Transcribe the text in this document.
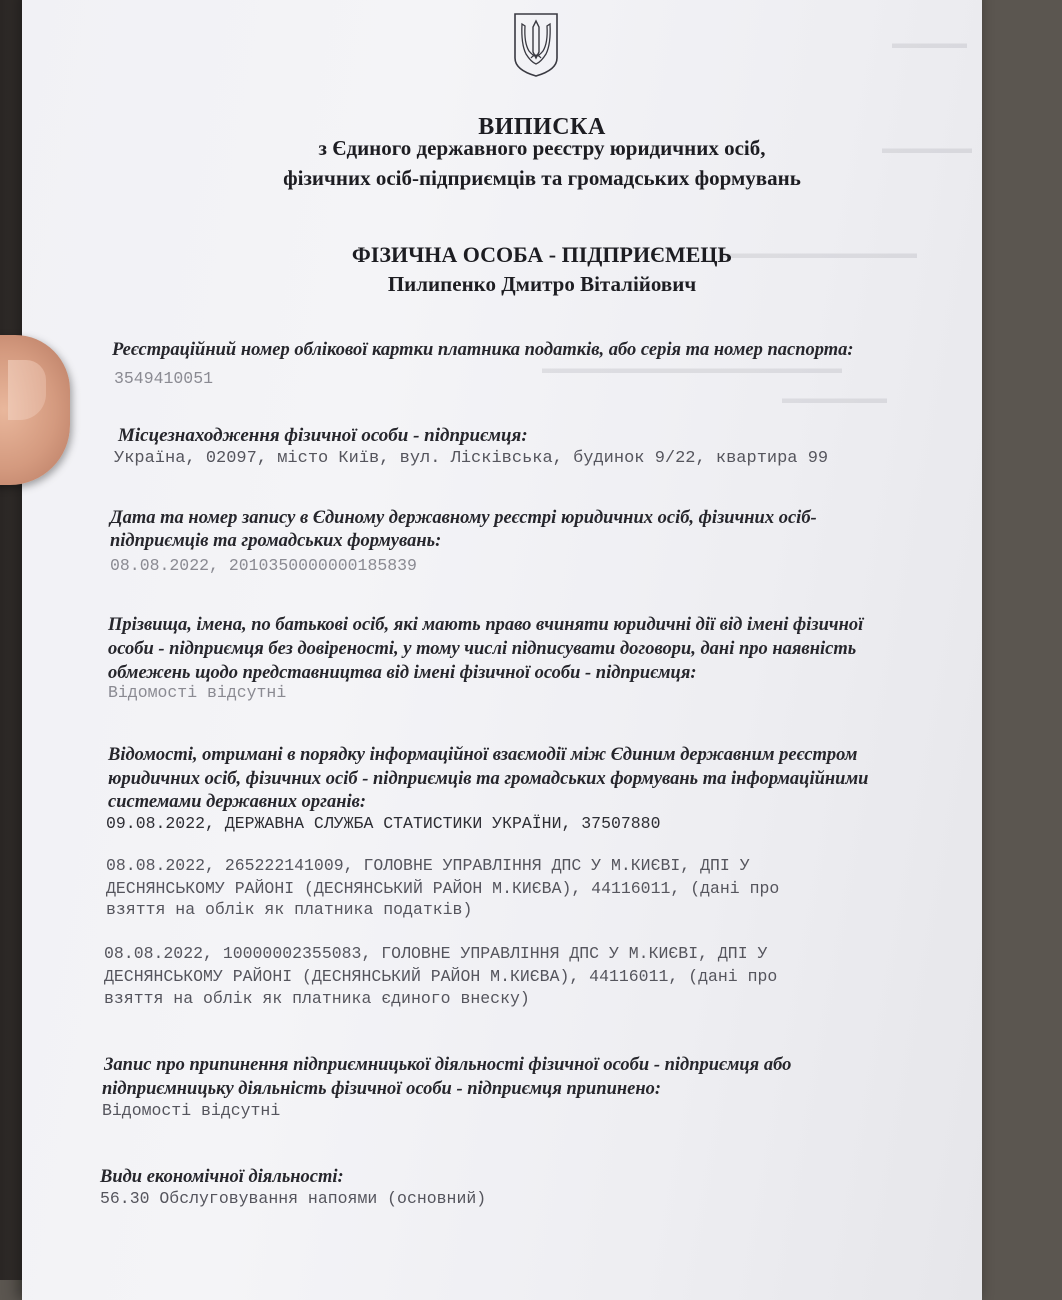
▬▬▬▬▬
▬▬▬▬▬▬
▬▬▬▬▬▬▬▬▬▬▬▬▬
▬▬▬▬▬▬▬▬▬▬▬▬▬▬▬▬▬▬▬▬
▬▬▬▬▬▬▬
ВИПИСКА
з Єдиного державного реєстру юридичних осіб,
фізичних осіб-підприємців та громадських формувань
ФІЗИЧНА ОСОБА - ПІДПРИЄМЕЦЬ
Пилипенко Дмитро Віталійович
Реєстраційний номер облікової картки платника податків, або серія та номер паспорта:
3549410051
Місцезнаходження фізичної особи - підприємця:
Україна, 02097, місто Київ, вул. Лісківська, будинок 9/22, квартира 99
Дата та номер запису в Єдиному державному реєстрі юридичних осіб, фізичних осіб-
підприємців та громадських формувань:
08.08.2022, 2010350000000185839
Прізвища, імена, по батькові осіб, які мають право вчиняти юридичні дії від імені фізичної
особи - підприємця без довіреності, у тому числі підписувати договори, дані про наявність
обмежень щодо представництва від імені фізичної особи - підприємця:
Відомості відсутні
Відомості, отримані в порядку інформаційної взаємодії між Єдиним державним реєстром
юридичних осіб, фізичних осіб - підприємців та громадських формувань та інформаційними
системами державних органів:
09.08.2022, ДЕРЖАВНА СЛУЖБА СТАТИСТИКИ УКРАЇНИ, 37507880
08.08.2022, 265222141009, ГОЛОВНЕ УПРАВЛІННЯ ДПС У М.КИЄВІ, ДПІ У
ДЕСНЯНСЬКОМУ РАЙОНІ (ДЕСНЯНСЬКИЙ РАЙОН М.КИЄВА), 44116011, (дані про
взяття на облік як платника податків)
08.08.2022, 10000002355083, ГОЛОВНЕ УПРАВЛІННЯ ДПС У М.КИЄВІ, ДПІ У
ДЕСНЯНСЬКОМУ РАЙОНІ (ДЕСНЯНСЬКИЙ РАЙОН М.КИЄВА), 44116011, (дані про
взяття на облік як платника єдиного внеску)
Запис про припинення підприємницької діяльності фізичної особи - підприємця або
підприємницьку діяльність фізичної особи - підприємця припинено:
Відомості відсутні
Види економічної діяльності:
56.30 Обслуговування напоями (основний)
